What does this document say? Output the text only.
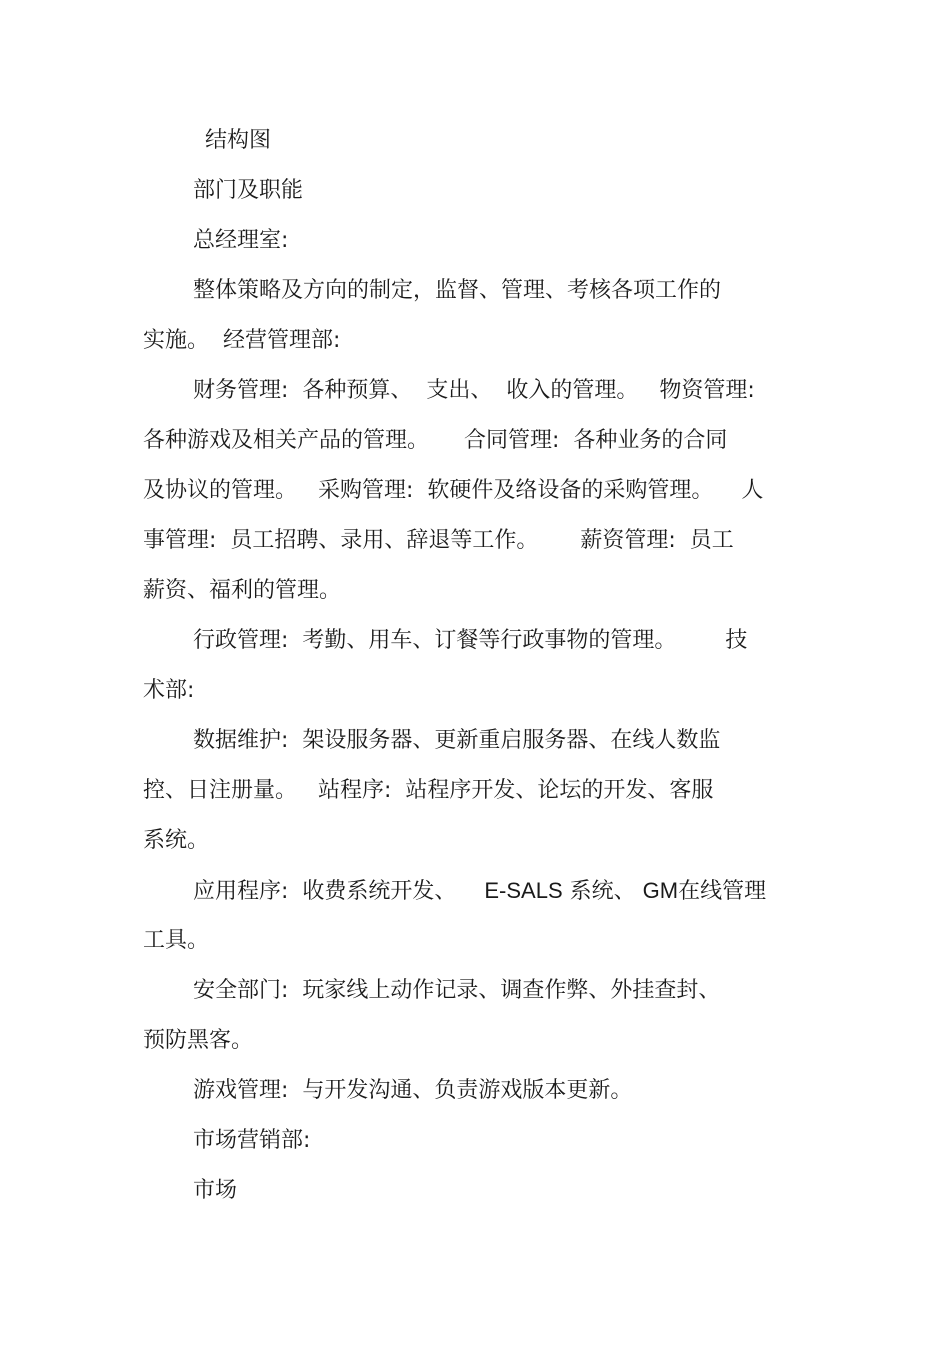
结构图
部门及职能
总经理室:
整体策略及方向的制定，监督、管理、考核各项工作的
实施。  经营管理部:
财务管理:  各种预算、  支出、  收入的管理。   物资管理:
各种游戏及相关产品的管理。     合同管理:  各种业务的合同
及协议的管理。   采购管理:  软硬件及络设备的采购管理。    人
事管理:  员工招聘、录用、辞退等工作。      薪资管理:  员工
薪资、福利的管理。
行政管理:  考勤、用车、订餐等行政事物的管理。       技
术部:
数据维护:  架设服务器、更新重启服务器、在线人数监
控、日注册量。   站程序:  站程序开发、论坛的开发、客服
系统。
应用程序:  收费系统开发、    E-SALS 系统、 GM在线管理
工具。
安全部门:  玩家线上动作记录、调查作弊、外挂查封、
预防黑客。
游戏管理:  与开发沟通、负责游戏版本更新。
市场营销部:
市场
